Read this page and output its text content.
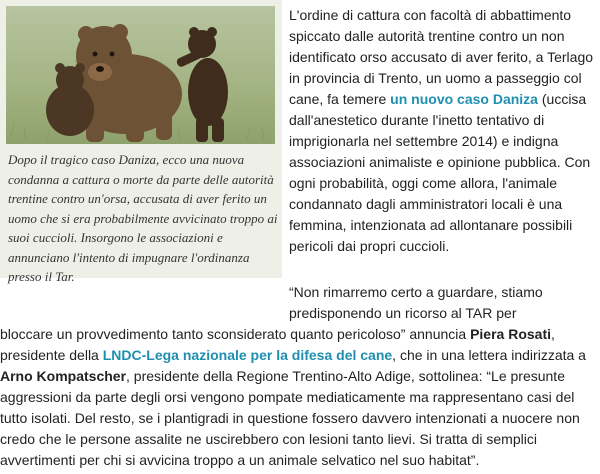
Dopo il tragico caso Daniza, ecco una nuova condanna a cattura o morte da parte delle autorità trentine contro un'orsa, accusata di aver ferito un uomo che si era probabilmente avvicinato troppo ai suoi cuccioli. Insorgono le associazioni e annunciano l'intento di impugnare l'ordinanza presso il Tar.

L'ordine di cattura con facoltà di abbattimento spiccato dalle autorità trentine contro un non identificato orso accusato di aver ferito, a Terlago in provincia di Trento, un uomo a passeggio col cane, fa temere un nuovo caso Daniza (uccisa dall'anestetico durante l'inetto tentativo di imprigionarla nel settembre 2014) e indigna associazioni animaliste e opinione pubblica. Con ogni probabilità, oggi come allora, l'animale condannato dagli amministratori locali è una femmina, intenzionata ad allontanare possibili pericoli dai propri cuccioli.

“Non rimarremo certo a guardare, stiamo predisponendo un ricorso al TAR per
bloccare un provvedimento tanto sconsiderato quanto pericoloso” annuncia Piera Rosati, presidente della LNDC-Lega nazionale per la difesa del cane, che in una lettera indirizzata a Arno Kompatscher, presidente della Regione Trentino-Alto Adige, sottolinea: “Le presunte aggressioni da parte degli orsi vengono pompate mediaticamente ma rappresentano casi del tutto isolati. Del resto, se i plantigradi in questione fossero davvero intenzionati a nuocere non credo che le persone assalite ne uscirebbero con lesioni tanto lievi. Si tratta di semplici avvertimenti per chi si avvicina troppo a un animale selvatico nel suo habitat”.
